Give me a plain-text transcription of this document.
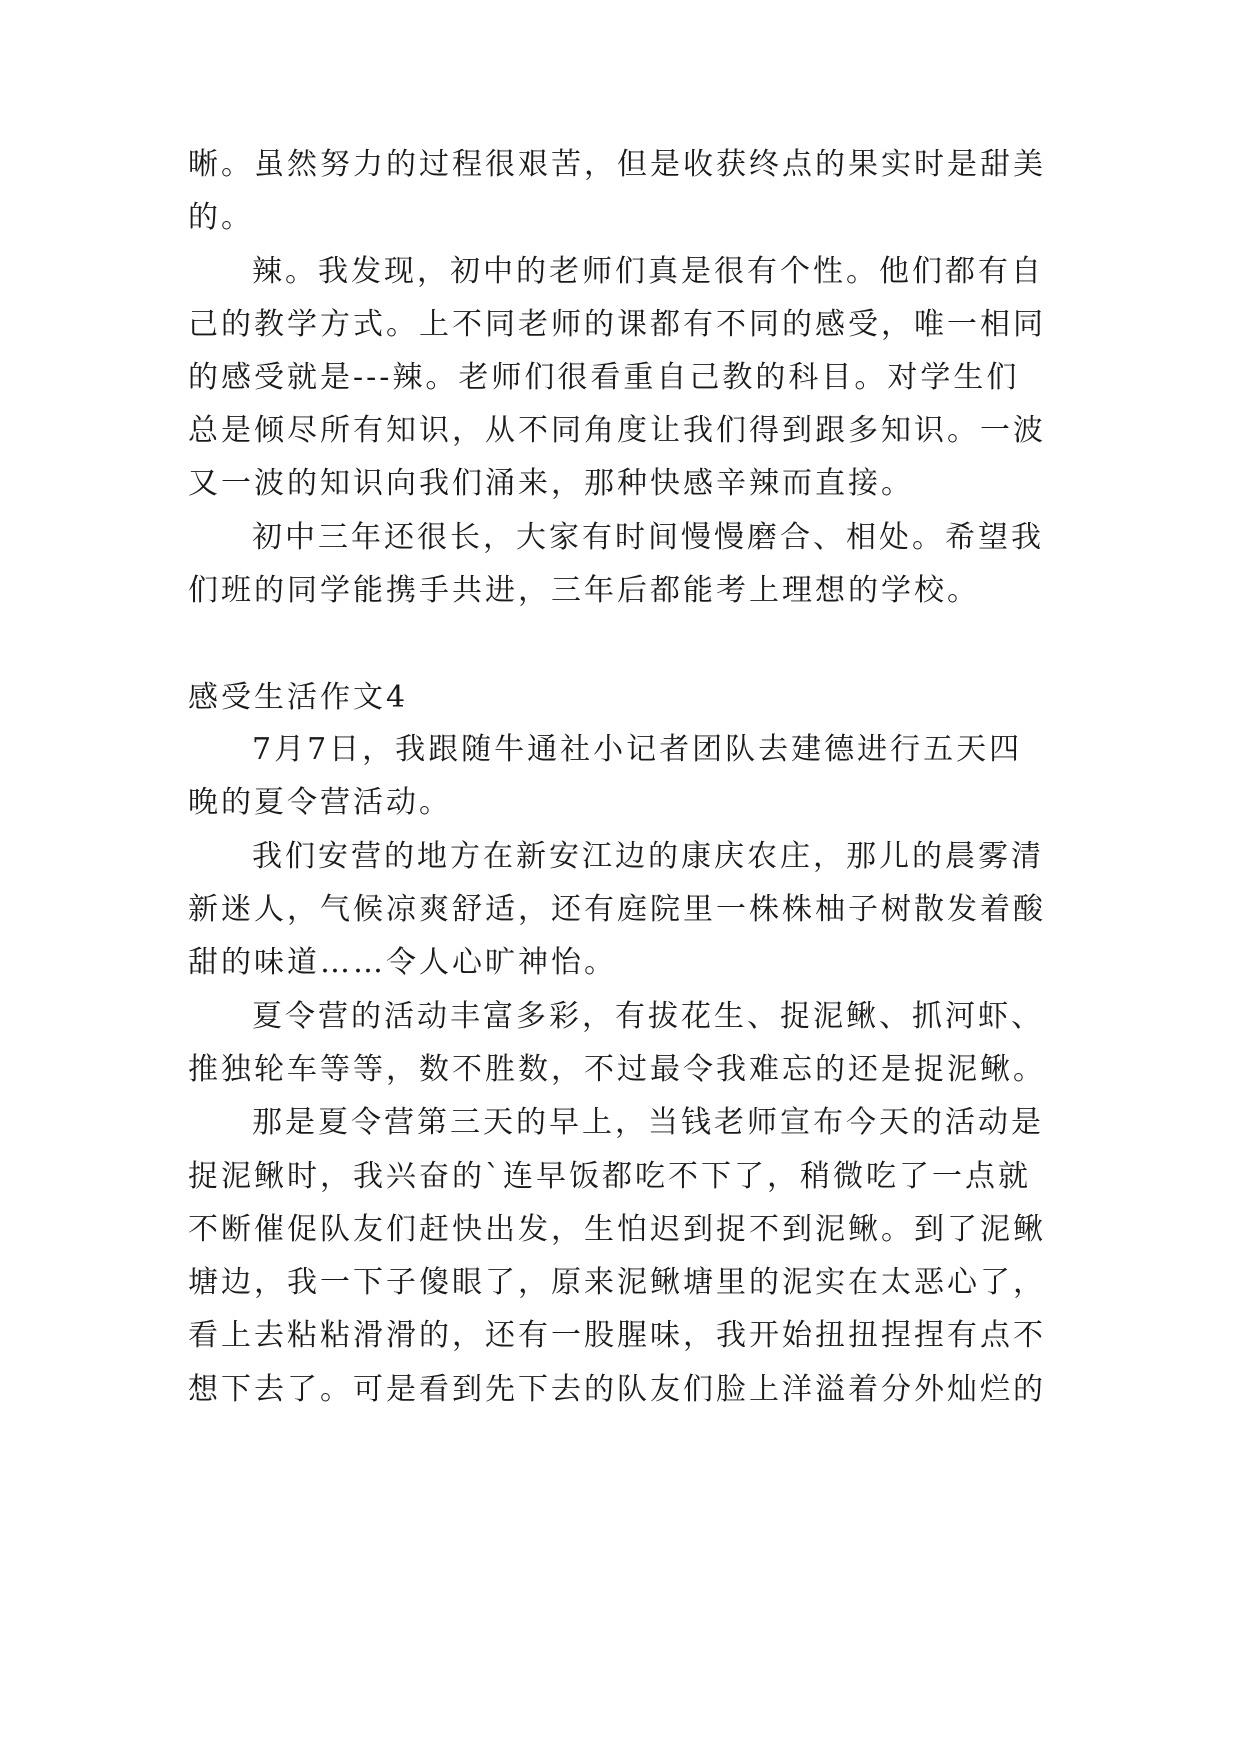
晰。虽然努力的过程很艰苦，但是收获终点的果实时是甜美

的。

辣。我发现，初中的老师们真是很有个性。他们都有自

己的教学方式。上不同老师的课都有不同的感受，唯一相同

的感受就是---辣。老师们很看重自己教的科目。对学生们

总是倾尽所有知识，从不同角度让我们得到跟多知识。一波

又一波的知识向我们涌来，那种快感辛辣而直接。

初中三年还很长，大家有时间慢慢磨合、相处。希望我

们班的同学能携手共进，三年后都能考上理想的学校。

感受生活作文4

7月7日，我跟随牛通社小记者团队去建德进行五天四

晚的夏令营活动。

我们安营的地方在新安江边的康庆农庄，那儿的晨雾清

新迷人，气候凉爽舒适，还有庭院里一株株柚子树散发着酸

甜的味道……令人心旷神怡。

夏令营的活动丰富多彩，有拔花生、捉泥鳅、抓河虾、

推独轮车等等，数不胜数，不过最令我难忘的还是捉泥鳅。

那是夏令营第三天的早上，当钱老师宣布今天的活动是

捉泥鳅时，我兴奋的`连早饭都吃不下了，稍微吃了一点就

不断催促队友们赶快出发，生怕迟到捉不到泥鳅。到了泥鳅

塘边，我一下子傻眼了，原来泥鳅塘里的泥实在太恶心了，

看上去粘粘滑滑的，还有一股腥味，我开始扭扭捏捏有点不

想下去了。可是看到先下去的队友们脸上洋溢着分外灿烂的
